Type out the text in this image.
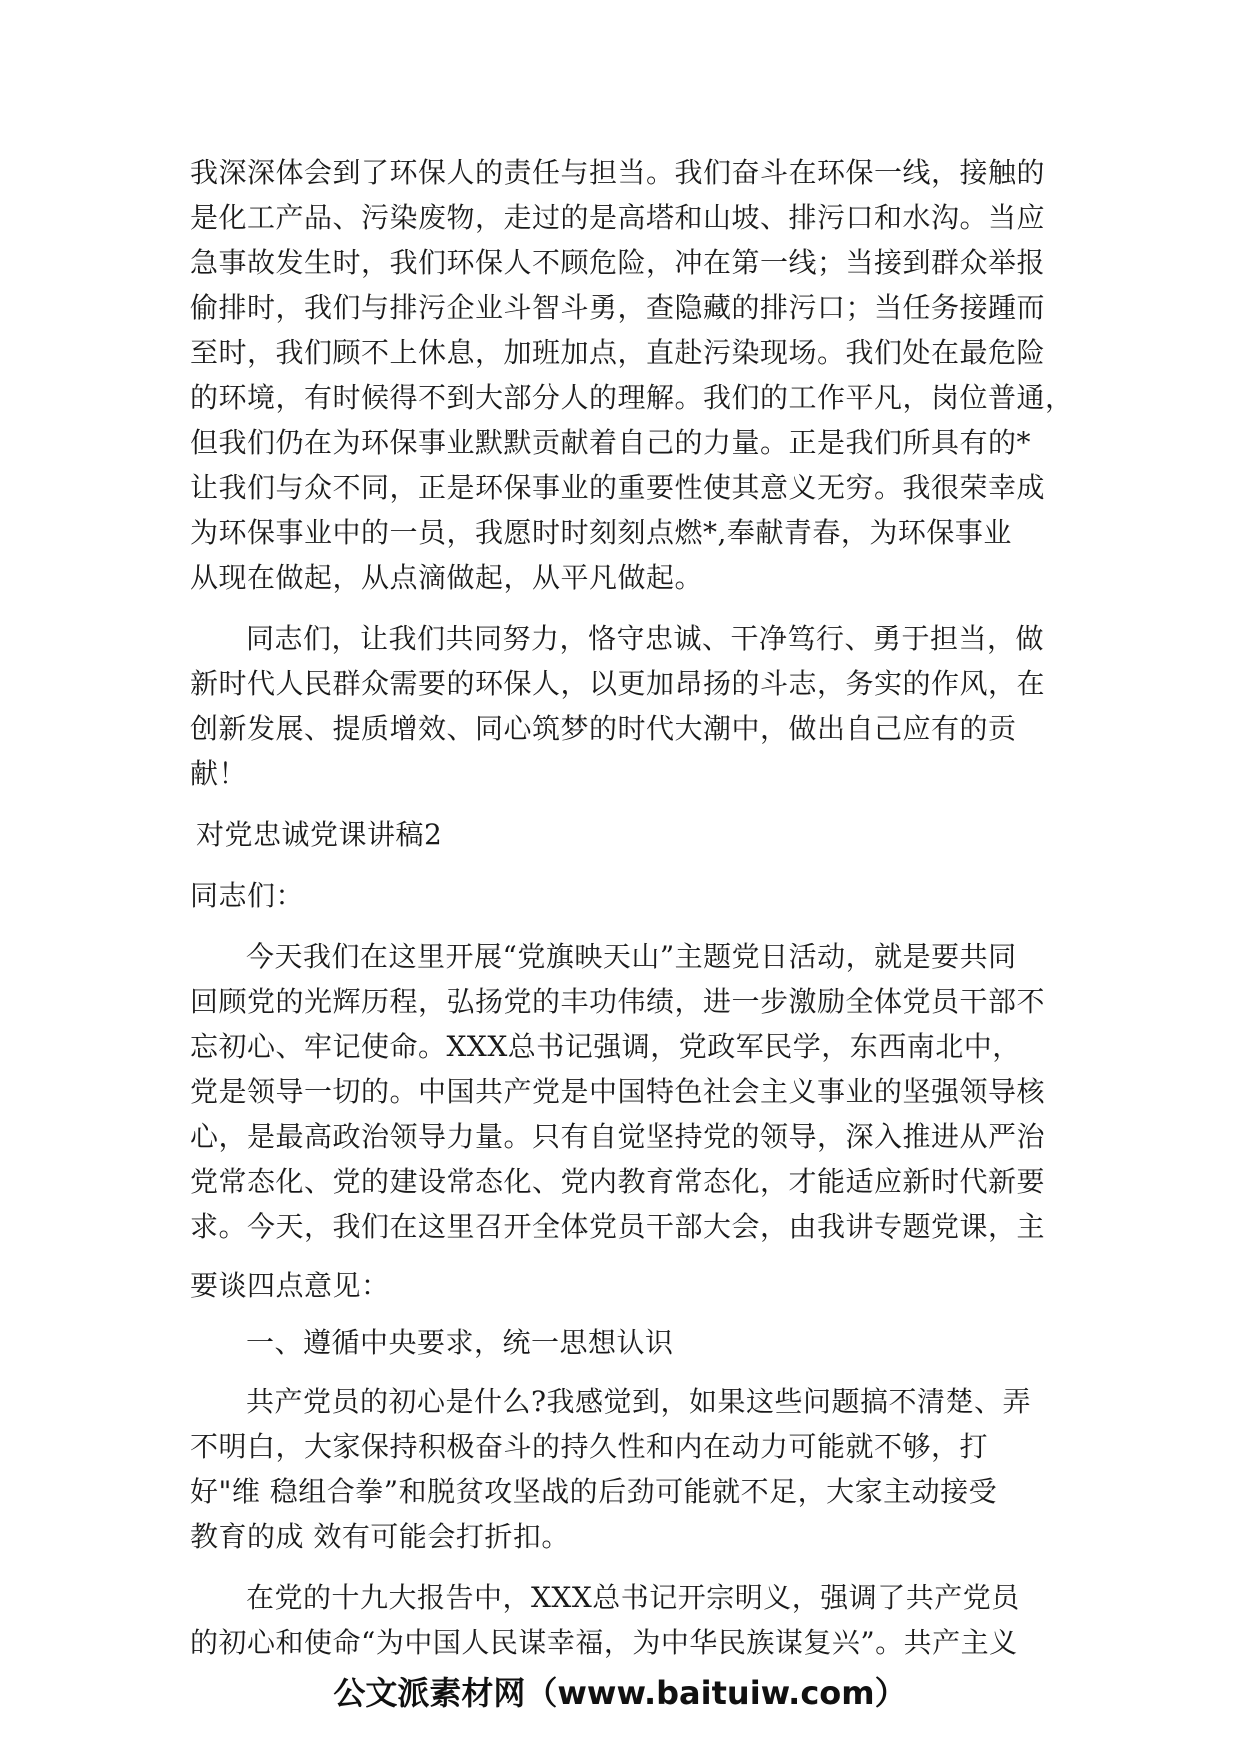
我深深体会到了环保人的责任与担当。我们奋斗在环保一线，接触的
是化工产品、污染废物，走过的是高塔和山坡、排污口和水沟。当应
急事故发生时，我们环保人不顾危险，冲在第一线；当接到群众举报
偷排时，我们与排污企业斗智斗勇，查隐藏的排污口；当任务接踵而
至时，我们顾不上休息，加班加点，直赴污染现场。我们处在最危险
的环境，有时候得不到大部分人的理解。我们的工作平凡，岗位普通，
但我们仍在为环保事业默默贡献着自己的力量。正是我们所具有的*
让我们与众不同，正是环保事业的重要性使其意义无穷。我很荣幸成
为环保事业中的一员，我愿时时刻刻点燃*,奉献青春，为环保事业
从现在做起，从点滴做起，从平凡做起。
同志们，让我们共同努力，恪守忠诚、干净笃行、勇于担当，做
新时代人民群众需要的环保人，以更加昂扬的斗志，务实的作风，在
创新发展、提质增效、同心筑梦的时代大潮中，做出自己应有的贡
献！
对党忠诚党课讲稿2
同志们：
今天我们在这里开展“党旗映天山”主题党日活动，就是要共同
回顾党的光辉历程，弘扬党的丰功伟绩，进一步激励全体党员干部不
忘初心、牢记使命。XXX总书记强调，党政军民学，东西南北中，
党是领导一切的。中国共产党是中国特色社会主义事业的坚强领导核
心，是最高政治领导力量。只有自觉坚持党的领导，深入推进从严治
党常态化、党的建设常态化、党内教育常态化，才能适应新时代新要
求。今天，我们在这里召开全体党员干部大会，由我讲专题党课，主
要谈四点意见：
一、遵循中央要求，统一思想认识
共产党员的初心是什么?我感觉到，如果这些问题搞不清楚、弄
不明白，大家保持积极奋斗的持久性和内在动力可能就不够，打
好"维 稳组合拳”和脱贫攻坚战的后劲可能就不足，大家主动接受
教育的成 效有可能会打折扣。
在党的十九大报告中，XXX总书记开宗明义，强调了共产党员
的初心和使命“为中国人民谋幸福，为中华民族谋复兴”。共产主义
公文派素材网（www.baituiw.com）
